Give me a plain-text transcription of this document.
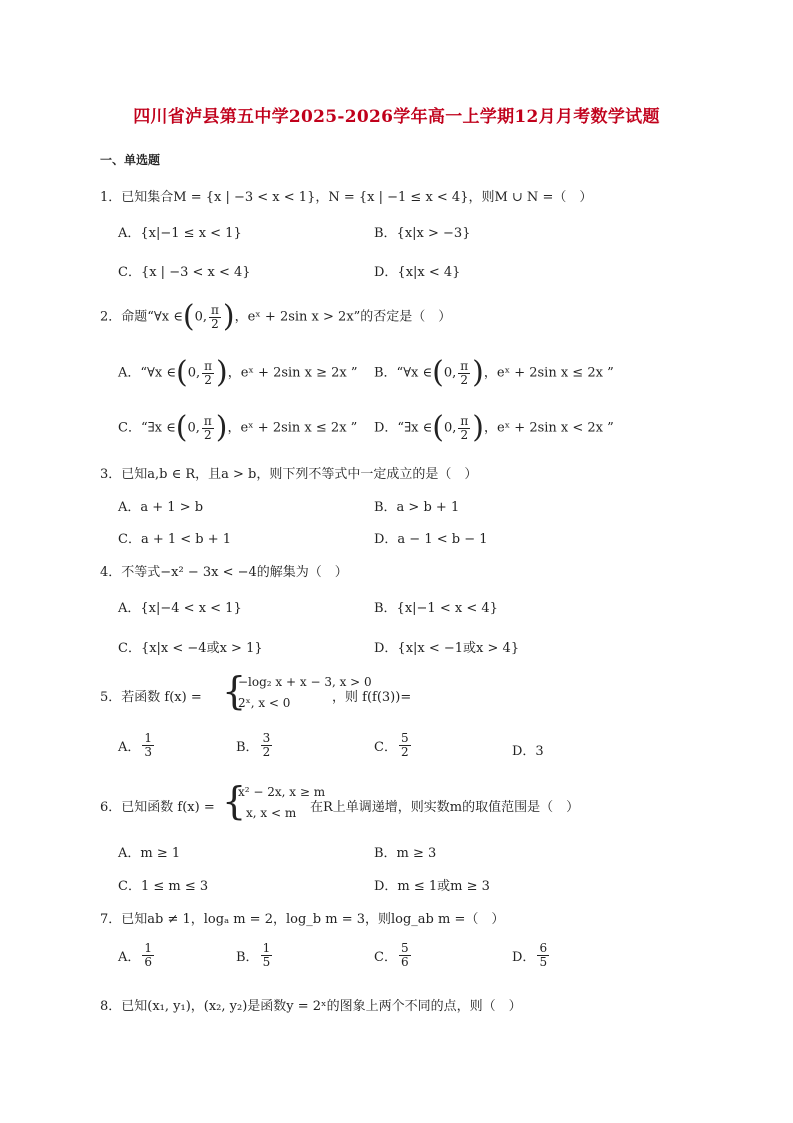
四川省泸县第五中学2025-2026学年高一上学期12月月考数学试题
一、单选题
1．已知集合M = {x | −3 < x < 1}，N = {x | −1 ≤ x < 4}，则M ∪ N =（　）
A．{x|−1 ≤ x < 1}	B．{x|x > −3}
C．{x | −3 < x < 4}	D．{x|x < 4}
2．命题“∀x ∈(0, $\frac{\pi}{2}$ )，eˣ + 2sin x > 2x”的否定是（　）
A．“∀x ∈(0, $\frac{\pi}{2}$ )，eˣ + 2sin x ≥ 2x ” B．“∀x ∈(0, $\frac{\pi}{2}$ )，eˣ + 2sin x ≤ 2x ”
C．“∃x ∈(0, $\frac{\pi}{2}$ )，eˣ + 2sin x ≤ 2x ” D．“∃x ∈(0, $\frac{\pi}{2}$ )，eˣ + 2sin x < 2x ”
3．已知a,b ∈ R，且a > b，则下列不等式中一定成立的是（　）
A．a + 1 > b	B．a > b + 1
C．a + 1 < b + 1	D．a − 1 < b − 1
4．不等式−x² − 3x < −4的解集为（　）
A．{x|−4 < x < 1}	B．{x|−1 < x < 4}
C．{x|x < −4或x > 1}	D．{x|x < −1或x > 4}
5．若函数 f(x) = {
−log₂ x + x − 3, x > 0
2ˣ, x < 0	，则 f(f(3))=
A． $\frac{1}{3}$	B． $\frac{3}{2}$	C． $\frac{5}{2}$	D．3
6．已知函数 f(x) = {
x² − 2x, x ≥ m
x, x < m 在R上单调递增，则实数m的取值范围是（　）
A．m ≥ 1	B．m ≥ 3
C．1 ≤ m ≤ 3	D．m ≤ 1或m ≥ 3
7．已知ab ≠ 1，logₐ m = 2，log_b m = 3，则log_ab m =（　）
A． $\frac{1}{6}$	B． $\frac{1}{5}$	C． $\frac{5}{6}$	D． $\frac{6}{5}$
8．已知(x₁, y₁)，(x₂, y₂)是函数y = 2ˣ的图象上两个不同的点，则（　）
